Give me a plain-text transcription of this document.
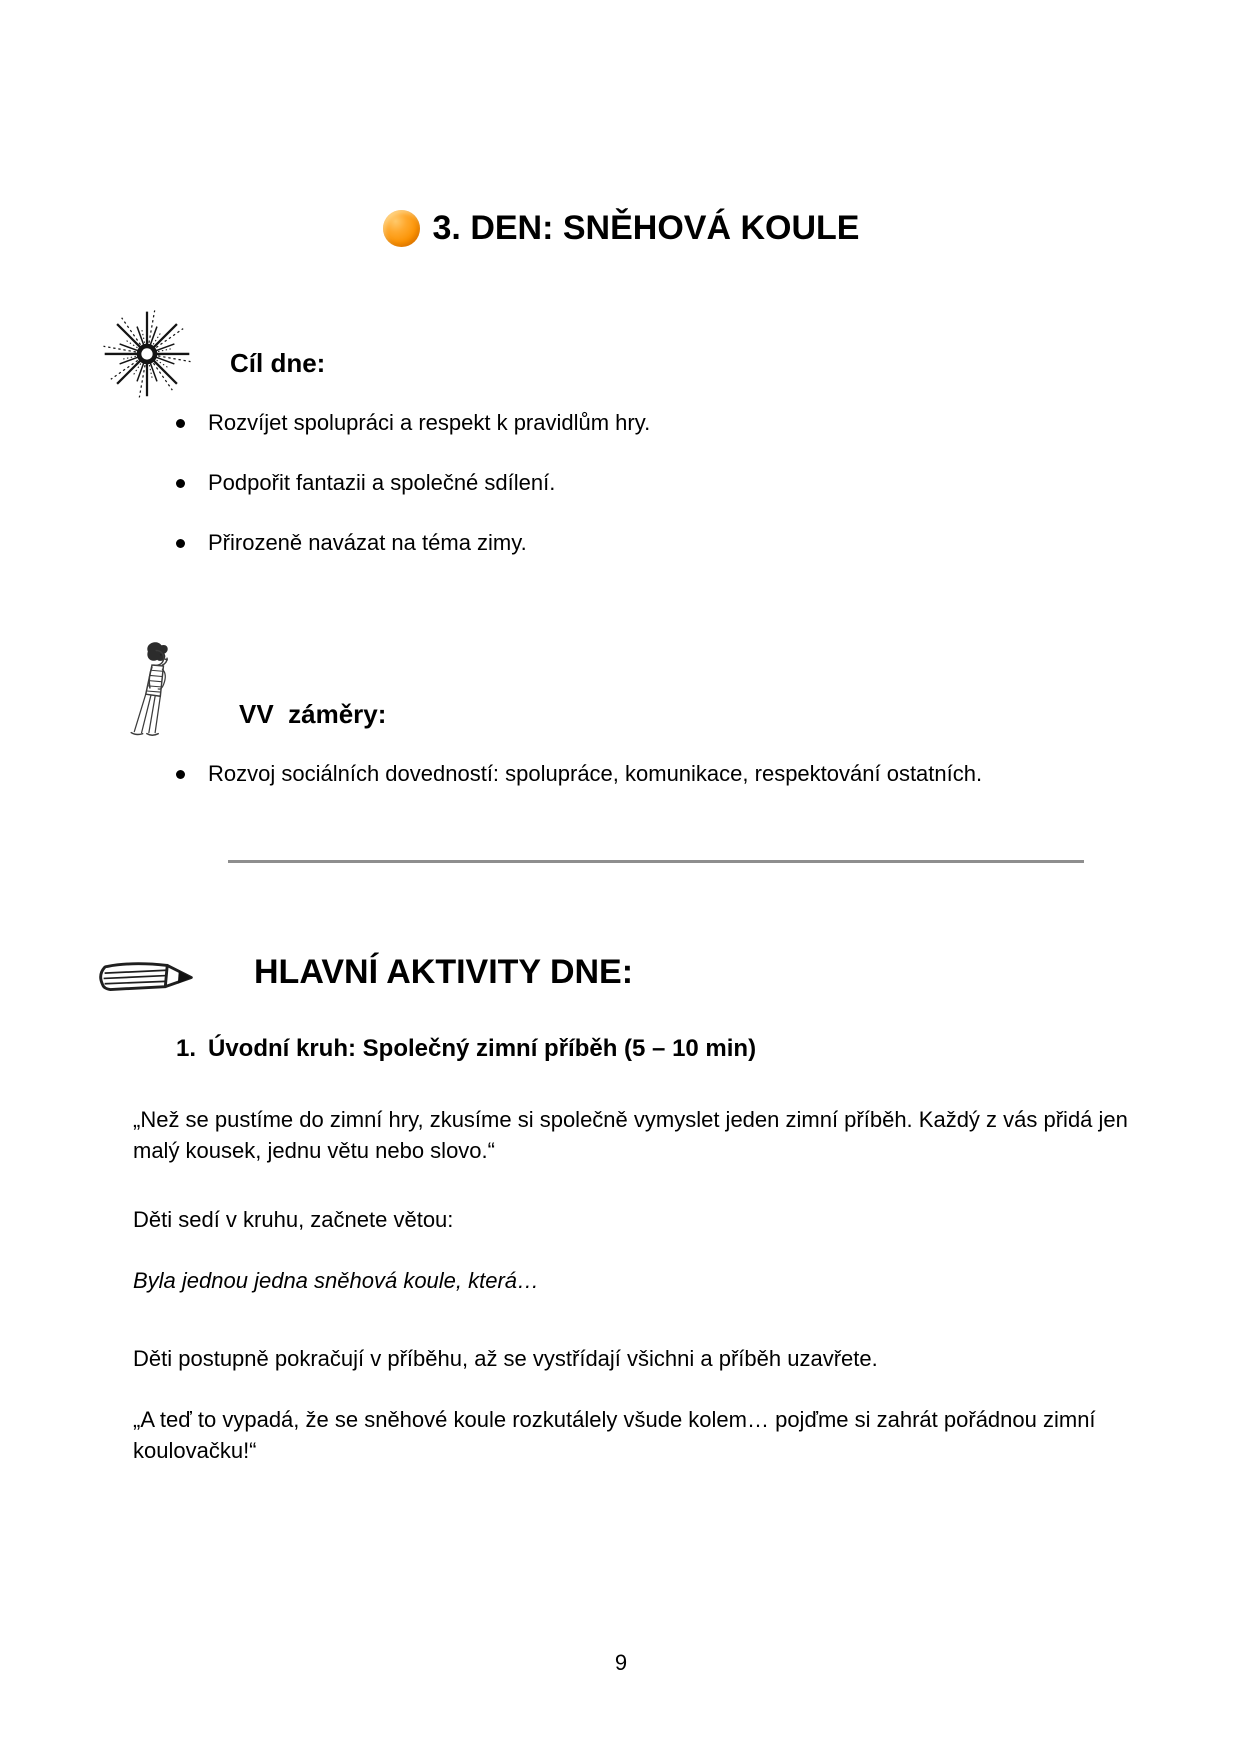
3. DEN: SNĚHOVÁ KOULE
Cíl dne:
Rozvíjet spolupráci a respekt k pravidlům hry.
Podpořit fantazii a společné sdílení.
Přirozeně navázat na téma zimy.
VV  záměry:
Rozvoj sociálních dovedností: spolupráce, komunikace, respektování ostatních.
HLAVNÍ AKTIVITY DNE:
1. Úvodní kruh: Společný zimní příběh (5 – 10 min)
„Než se pustíme do zimní hry, zkusíme si společně vymyslet jeden zimní příběh. Každý z vás přidá jen malý kousek, jednu větu nebo slovo.“
Děti sedí v kruhu, začnete větou:
Byla jednou jedna sněhová koule, která…
Děti postupně pokračují v příběhu, až se vystřídají všichni a příběh uzavřete.
„A teď to vypadá, že se sněhové koule rozkutálely všude kolem… pojďme si zahrát pořádnou zimní koulovačku!“
9
